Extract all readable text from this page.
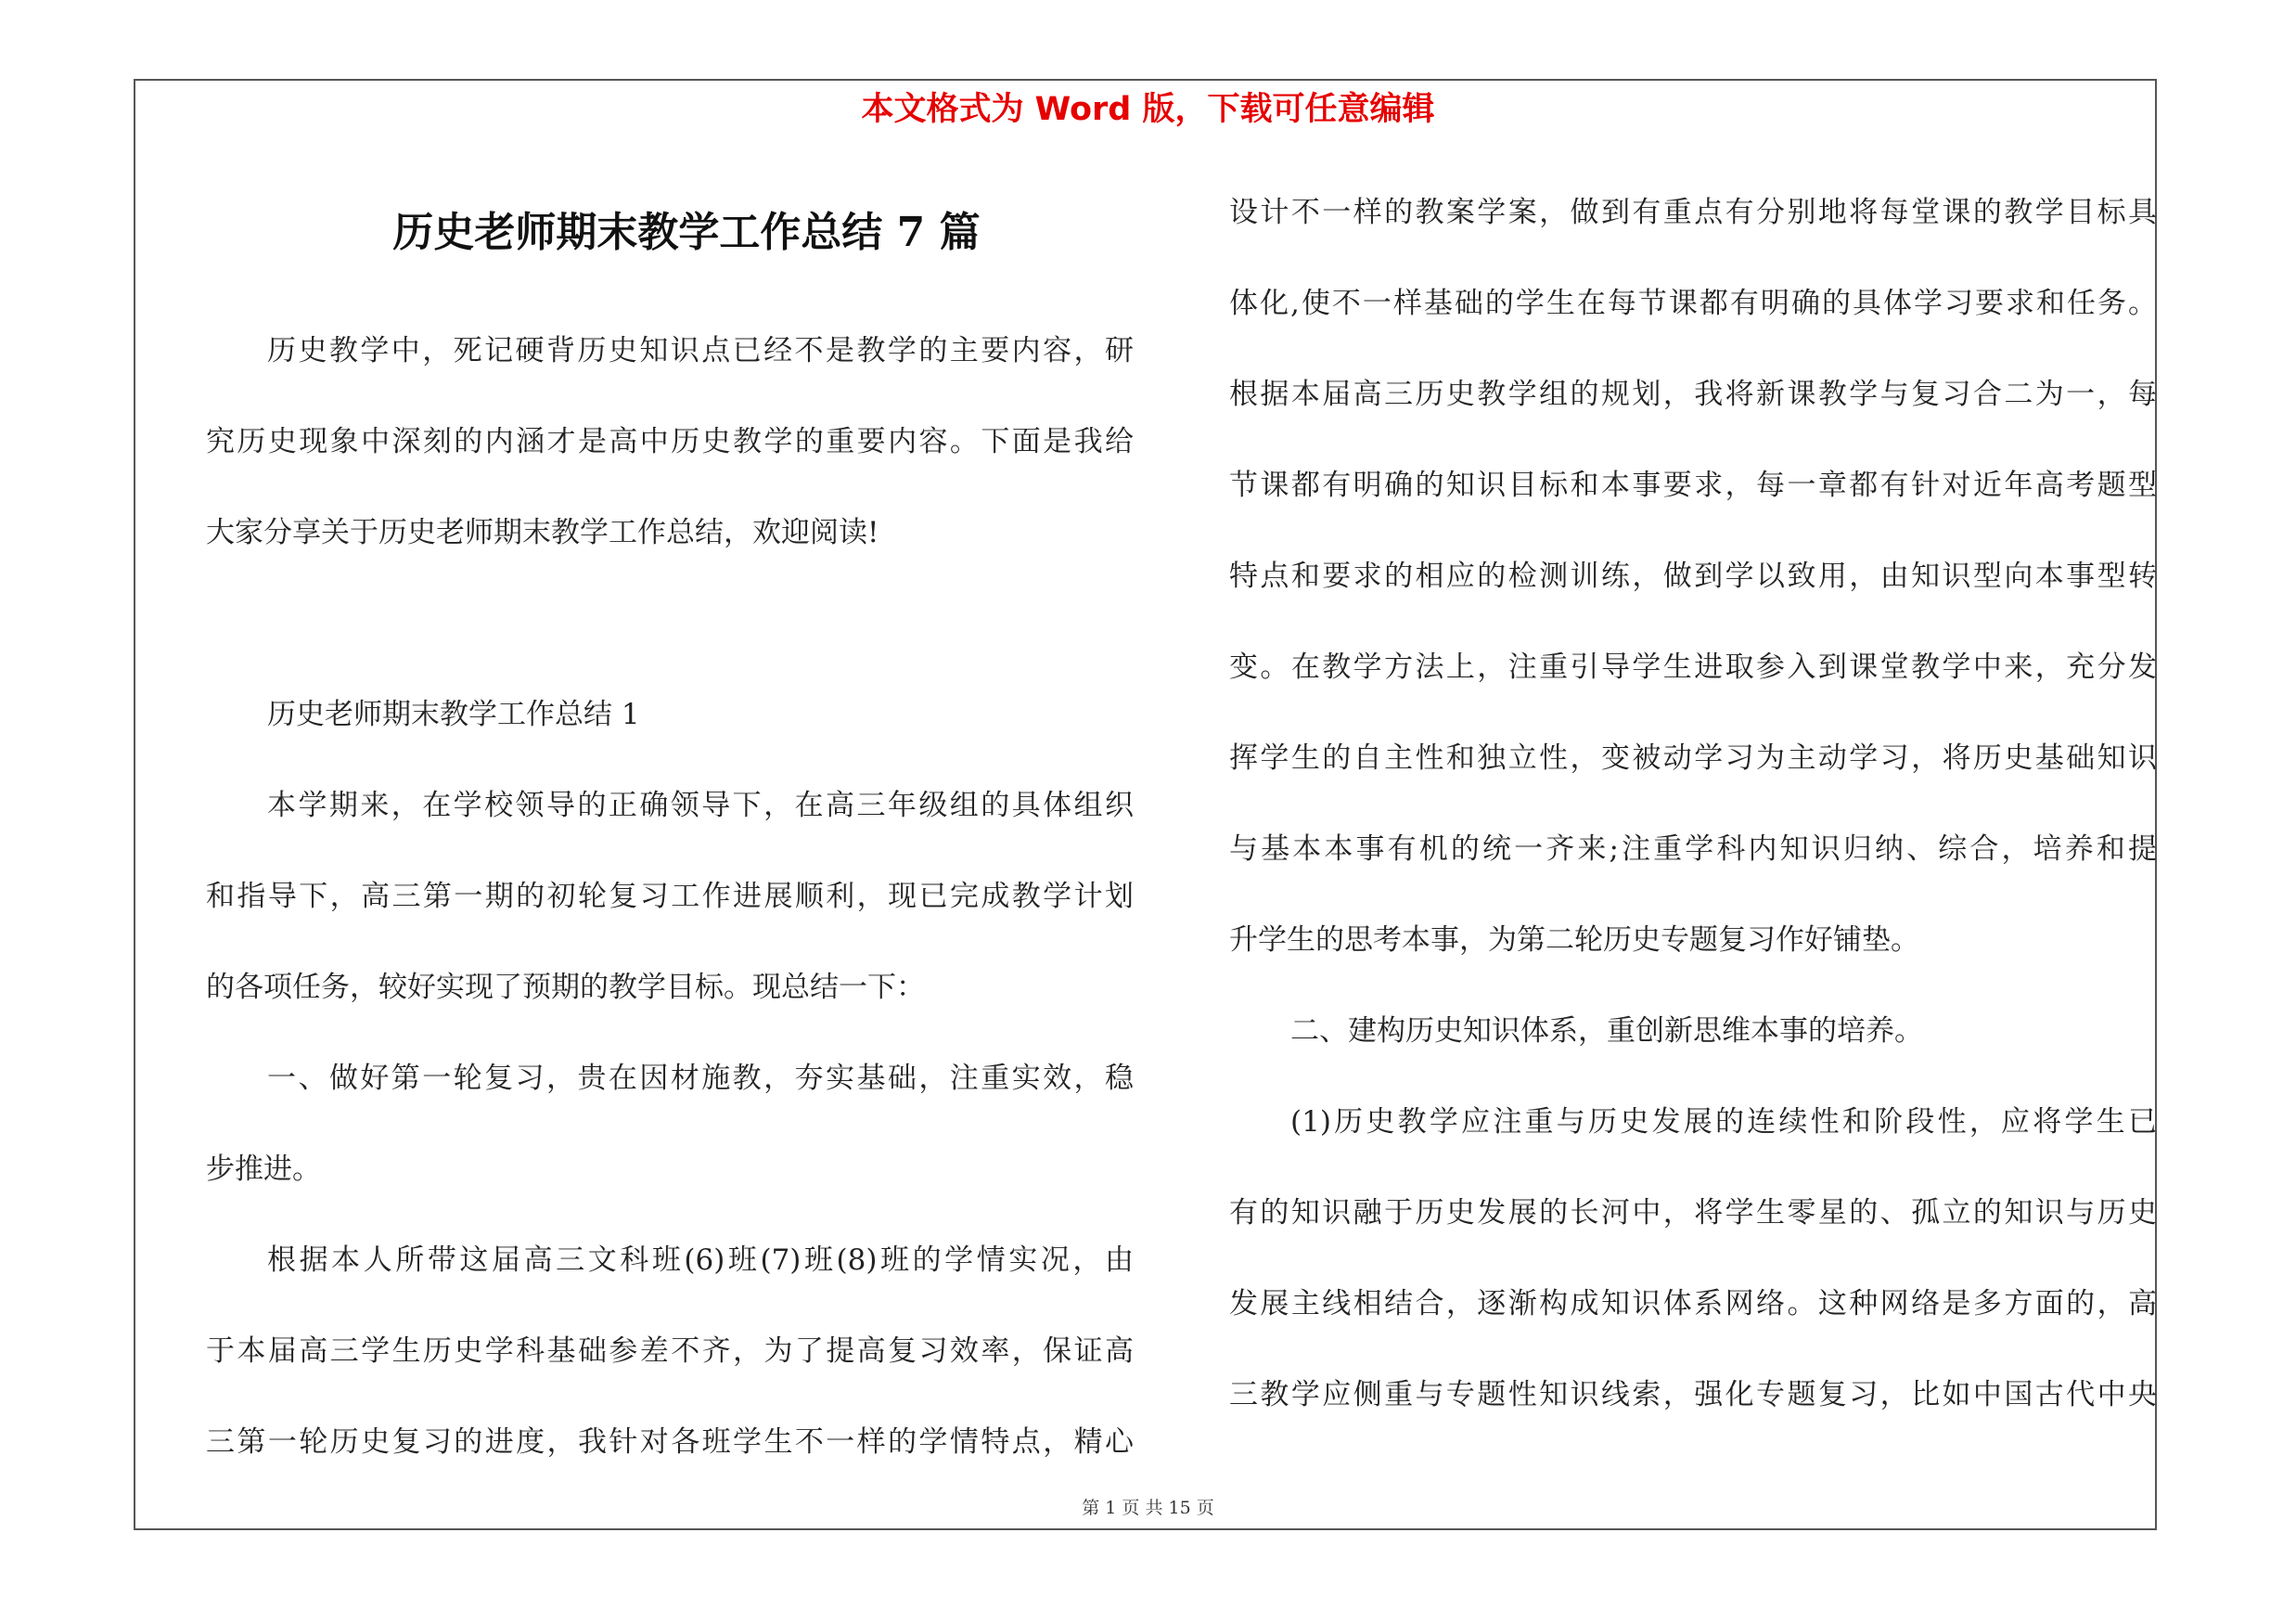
本文格式为 Word 版，下载可任意编辑
历史老师期末教学工作总结 7 篇
历史教学中，死记硬背历史知识点已经不是教学的主要内容，研
究历史现象中深刻的内涵才是高中历史教学的重要内容。下面是我给
大家分享关于历史老师期末教学工作总结，欢迎阅读!
历史老师期末教学工作总结 1
本学期来，在学校领导的正确领导下，在高三年级组的具体组织
和指导下，高三第一期的初轮复习工作进展顺利，现已完成教学计划
的各项任务，较好实现了预期的教学目标。现总结一下：
一、做好第一轮复习，贵在因材施教，夯实基础，注重实效，稳
步推进。
根据本人所带这届高三文科班(6)班(7)班(8)班的学情实况，由
于本届高三学生历史学科基础参差不齐，为了提高复习效率，保证高
三第一轮历史复习的进度，我针对各班学生不一样的学情特点，精心
设计不一样的教案学案，做到有重点有分别地将每堂课的教学目标具
体化,使不一样基础的学生在每节课都有明确的具体学习要求和任务。
根据本届高三历史教学组的规划，我将新课教学与复习合二为一，每
节课都有明确的知识目标和本事要求，每一章都有针对近年高考题型
特点和要求的相应的检测训练，做到学以致用，由知识型向本事型转
变。在教学方法上，注重引导学生进取参入到课堂教学中来，充分发
挥学生的自主性和独立性，变被动学习为主动学习，将历史基础知识
与基本本事有机的统一齐来;注重学科内知识归纳、综合，培养和提
升学生的思考本事，为第二轮历史专题复习作好铺垫。
二、建构历史知识体系，重创新思维本事的培养。
(1)历史教学应注重与历史发展的连续性和阶段性，应将学生已
有的知识融于历史发展的长河中，将学生零星的、孤立的知识与历史
发展主线相结合，逐渐构成知识体系网络。这种网络是多方面的，高
三教学应侧重与专题性知识线索，强化专题复习，比如中国古代中央
第 1 页 共 15 页
